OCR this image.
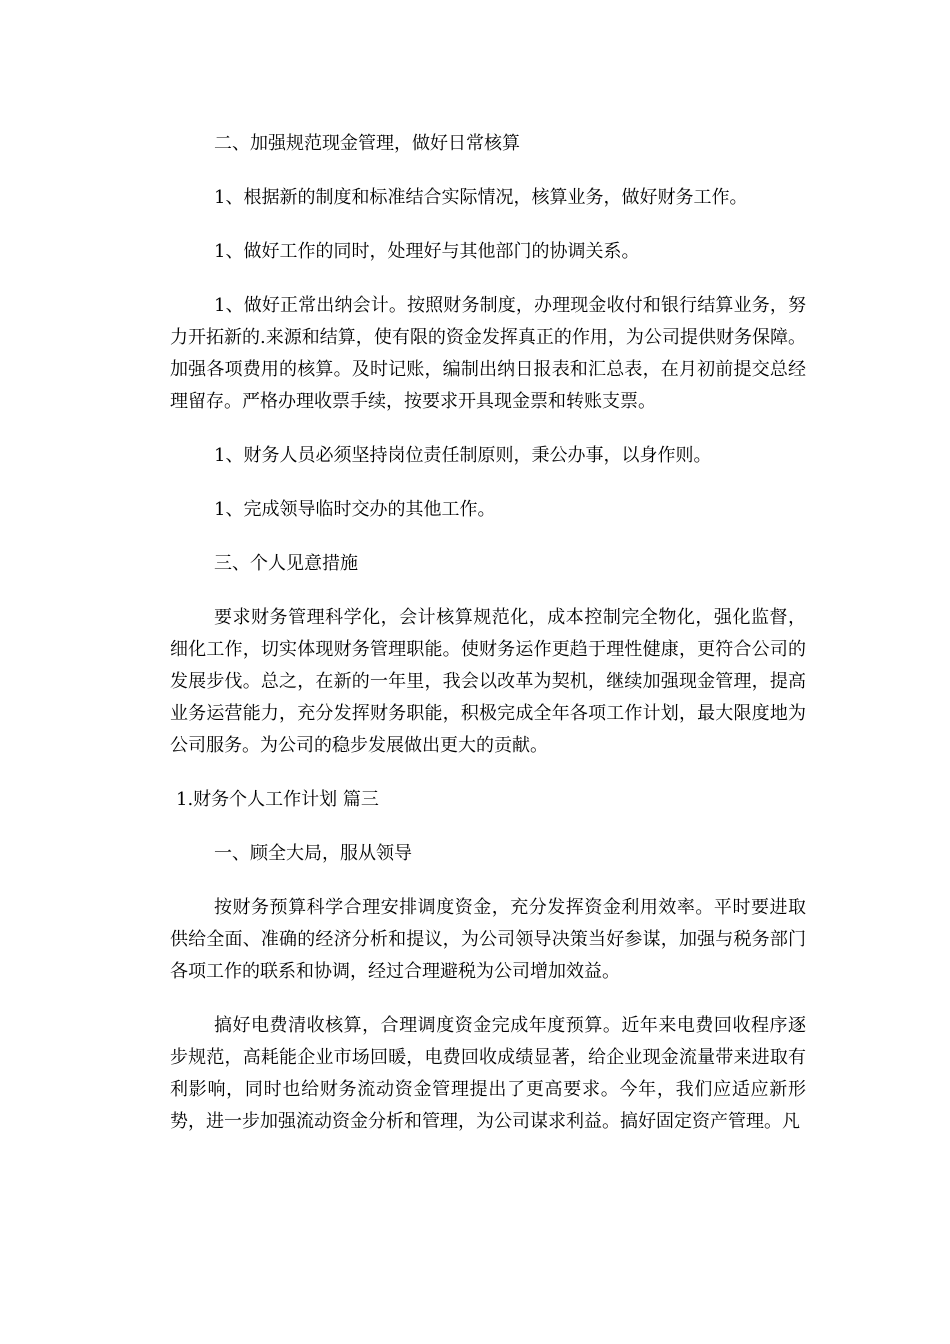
二、加强规范现金管理，做好日常核算

1、根据新的制度和标准结合实际情况，核算业务，做好财务工作。

1、做好工作的同时，处理好与其他部门的协调关系。

1、做好正常出纳会计。按照财务制度，办理现金收付和银行结算业务，努力开拓新的.来源和结算，使有限的资金发挥真正的作用，为公司提供财务保障。加强各项费用的核算。及时记账，编制出纳日报表和汇总表，在月初前提交总经理留存。严格办理收票手续，按要求开具现金票和转账支票。

1、财务人员必须坚持岗位责任制原则，秉公办事，以身作则。

1、完成领导临时交办的其他工作。

三、个人见意措施

要求财务管理科学化，会计核算规范化，成本控制完全物化，强化监督，细化工作，切实体现财务管理职能。使财务运作更趋于理性健康，更符合公司的发展步伐。总之，在新的一年里，我会以改革为契机，继续加强现金管理，提高业务运营能力，充分发挥财务职能，积极完成全年各项工作计划，最大限度地为公司服务。为公司的稳步发展做出更大的贡献。

1.财务个人工作计划 篇三

一、顾全大局，服从领导

按财务预算科学合理安排调度资金，充分发挥资金利用效率。平时要进取供给全面、准确的经济分析和提议，为公司领导决策当好参谋，加强与税务部门各项工作的联系和协调，经过合理避税为公司增加效益。

搞好电费清收核算，合理调度资金完成年度预算。近年来电费回收程序逐步规范，高耗能企业市场回暖，电费回收成绩显著，给企业现金流量带来进取有利影响，同时也给财务流动资金管理提出了更高要求。今年，我们应适应新形势，进一步加强流动资金分析和管理，为公司谋求利益。搞好固定资产管理。凡
